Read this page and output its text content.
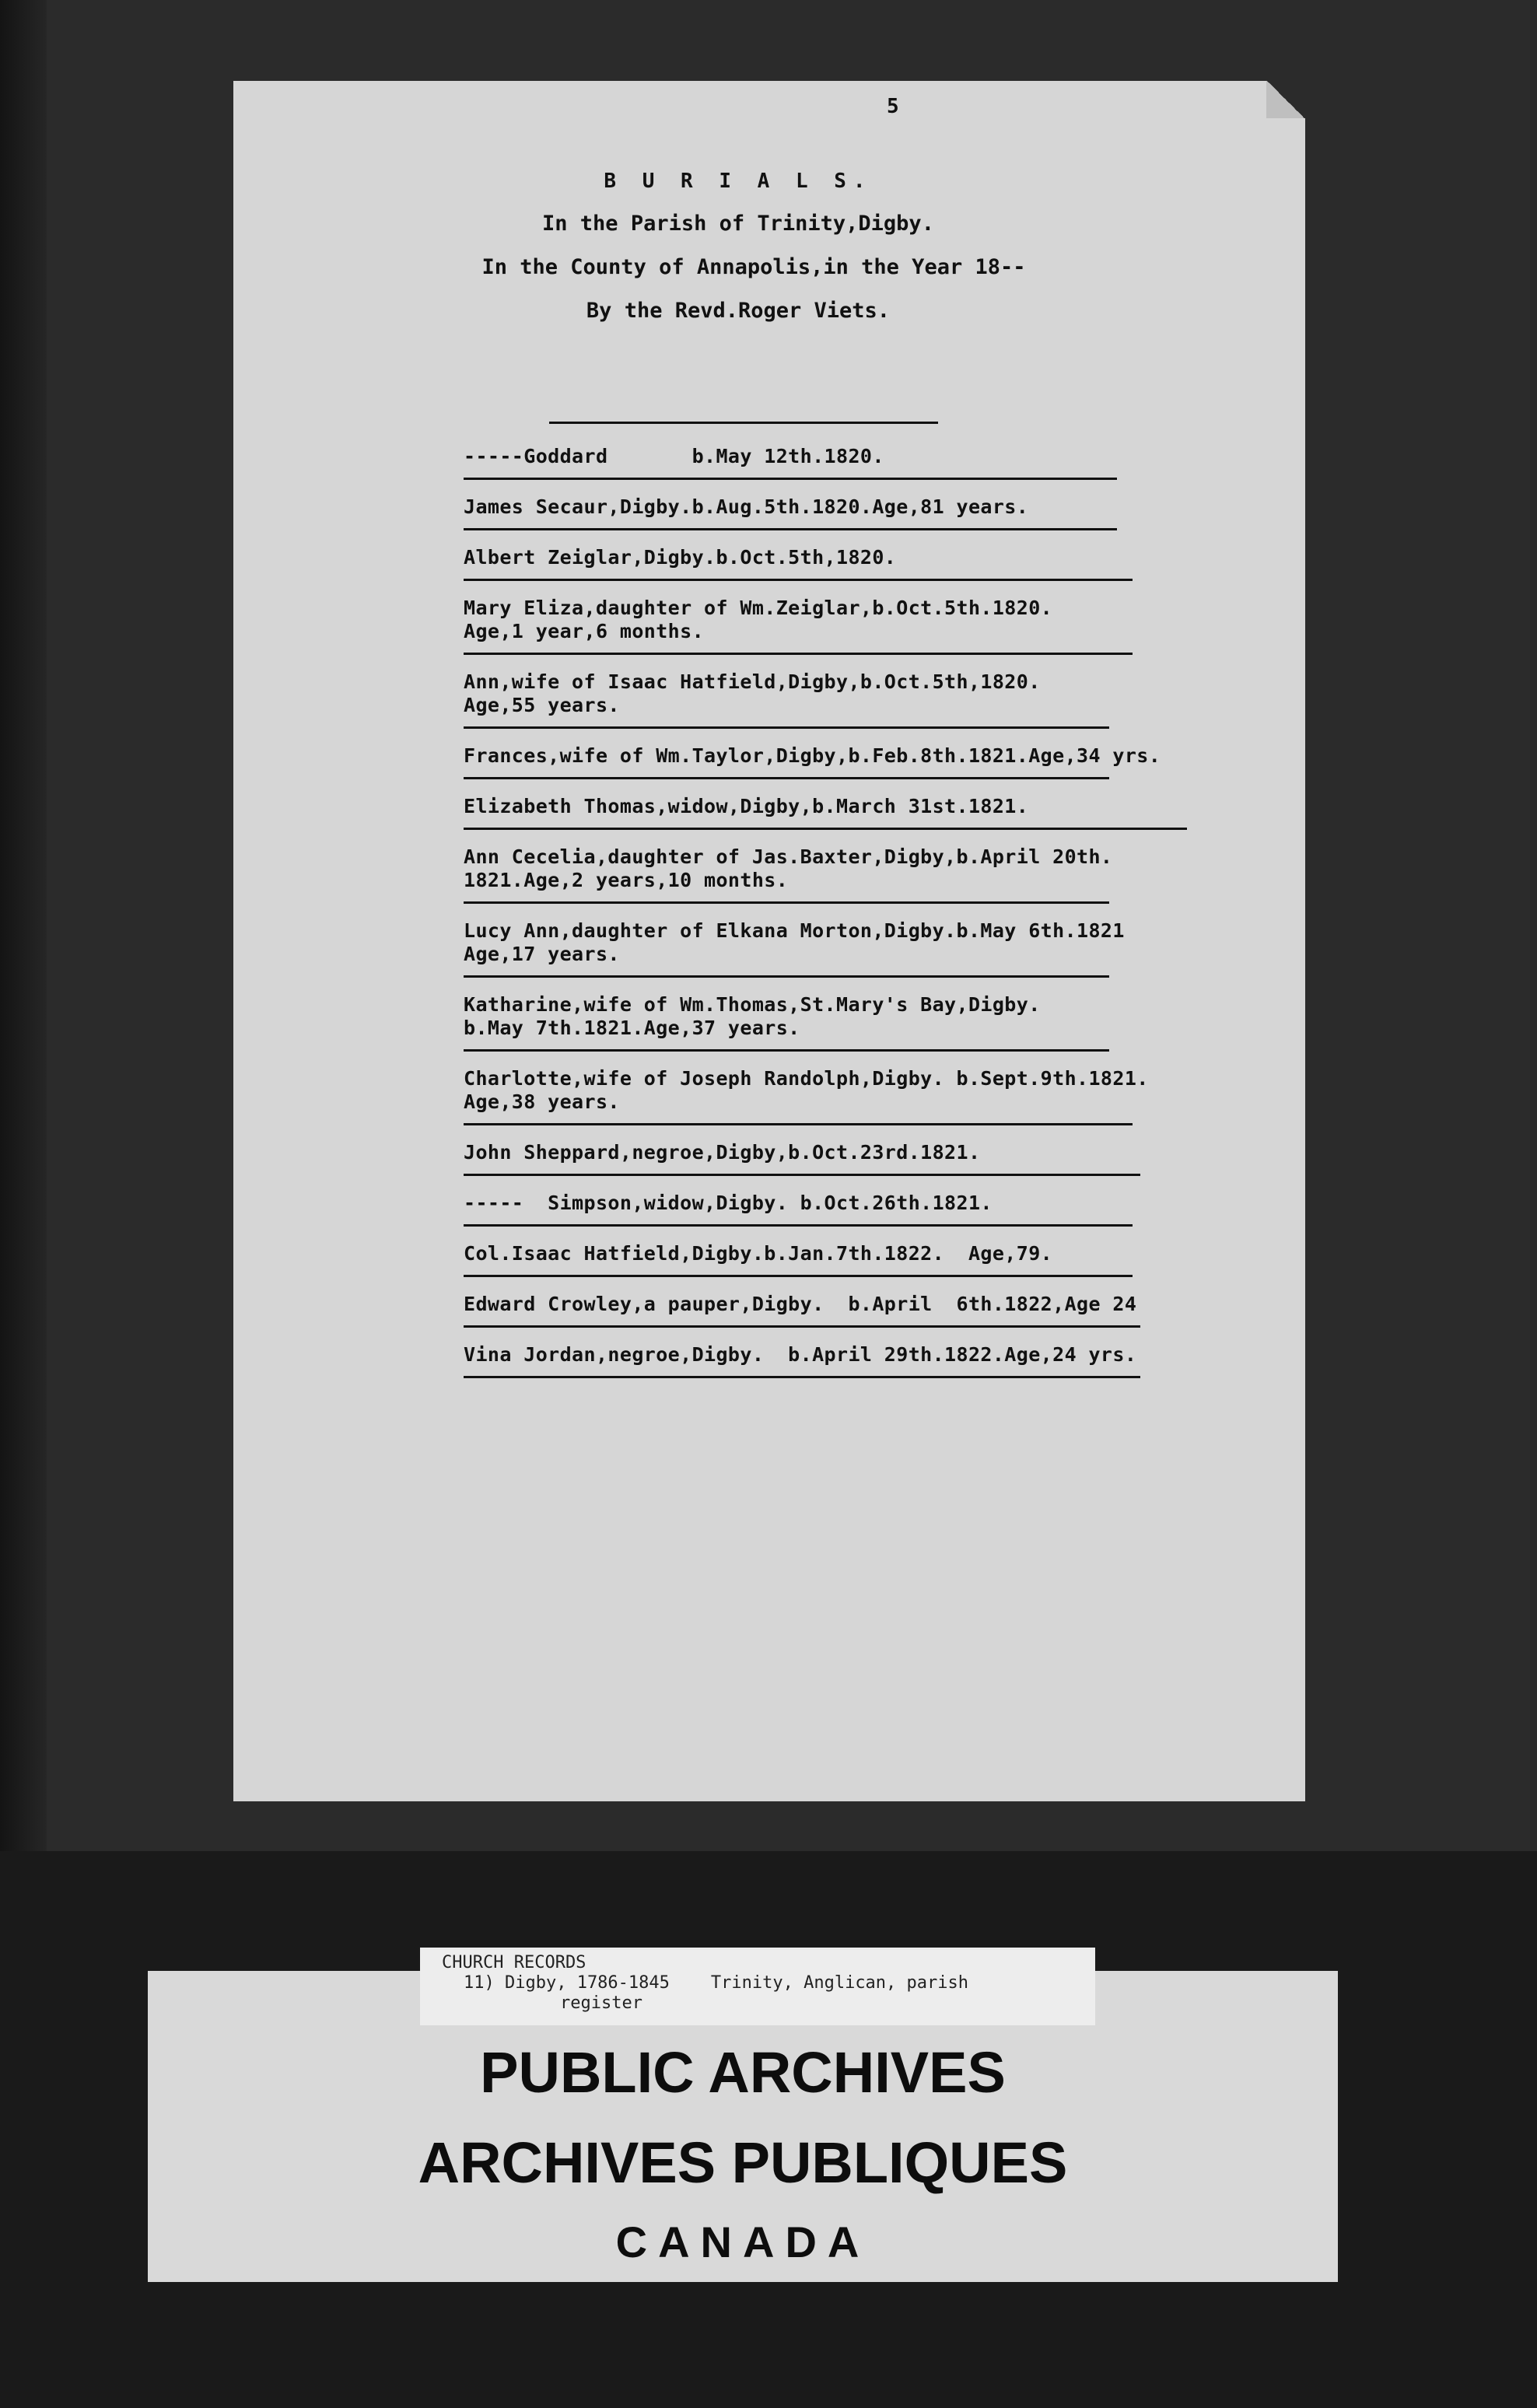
5
B U R I A L S.
In the Parish of Trinity,Digby.
In the County of Annapolis,in the Year 18--
By the Revd.Roger Viets.
-----Goddard       b.May 12th.1820.
James Secaur,Digby.b.Aug.5th.1820.Age,81 years.
Albert Zeiglar,Digby.b.Oct.5th,1820.
Mary Eliza,daughter of Wm.Zeiglar,b.Oct.5th.1820.
Age,1 year,6 months.
Ann,wife of Isaac Hatfield,Digby,b.Oct.5th,1820.
Age,55 years.
Frances,wife of Wm.Taylor,Digby,b.Feb.8th.1821.Age,34 yrs.
Elizabeth Thomas,widow,Digby,b.March 31st.1821.
Ann Cecelia,daughter of Jas.Baxter,Digby,b.April 20th.
1821.Age,2 years,10 months.
Lucy Ann,daughter of Elkana Morton,Digby.b.May 6th.1821
Age,17 years.
Katharine,wife of Wm.Thomas,St.Mary's Bay,Digby.
b.May 7th.1821.Age,37 years.
Charlotte,wife of Joseph Randolph,Digby. b.Sept.9th.1821.
Age,38 years.
John Sheppard,negroe,Digby,b.Oct.23rd.1821.
-----  Simpson,widow,Digby. b.Oct.26th.1821.
Col.Isaac Hatfield,Digby.b.Jan.7th.1822.  Age,79.
Edward Crowley,a pauper,Digby.  b.April  6th.1822,Age 24
Vina Jordan,negroe,Digby.  b.April 29th.1822.Age,24 yrs.
CHURCH RECORDS
11) Digby, 1786-1845    Trinity, Anglican, parish
register
PUBLIC ARCHIVES
ARCHIVES PUBLIQUES
CANADA
